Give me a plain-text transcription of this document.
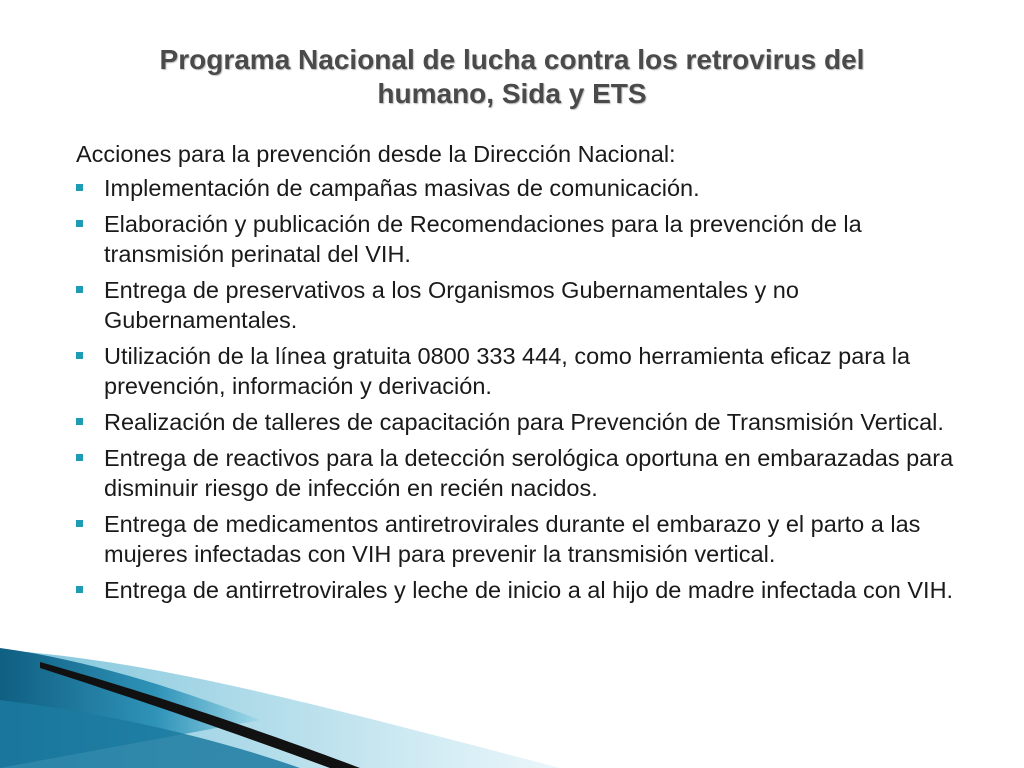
Programa Nacional de lucha contra los retrovirus del
humano, Sida y ETS

Acciones para la prevención desde la Dirección Nacional:

Implementación de campañas masivas de comunicación.
Elaboración y publicación de Recomendaciones para la prevención de la transmisión perinatal del VIH.
Entrega de preservativos a los Organismos Gubernamentales y no Gubernamentales.
Utilización de la línea gratuita 0800 333 444, como herramienta eficaz para la prevención, información y derivación.
Realización de talleres de capacitación para Prevención de Transmisión Vertical.
Entrega de reactivos para la detección serológica oportuna en embarazadas para disminuir riesgo de infección en recién nacidos.
Entrega de medicamentos antiretrovirales durante el embarazo y el parto a las mujeres infectadas con VIH para prevenir la transmisión vertical.
Entrega de antirretrovirales y leche de inicio a al hijo de madre infectada con VIH.
